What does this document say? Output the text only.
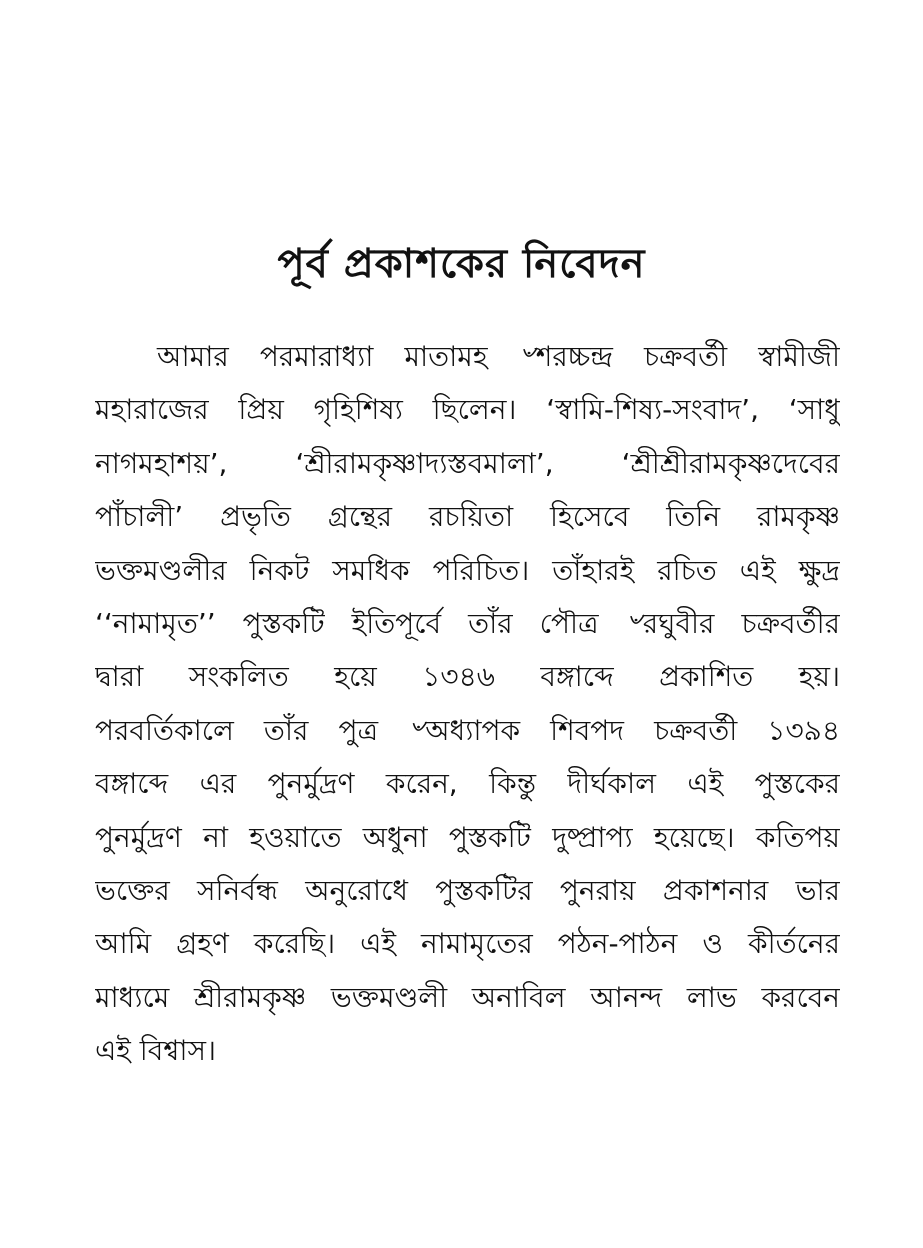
পূর্ব প্রকাশকের নিবেদন
আমার পরমারাধ্যা মাতামহ ৺শরচ্চন্দ্র চক্রবর্তী স্বামীজী
মহারাজের প্রিয় গৃহিশিষ্য ছিলেন। ‘স্বামি-শিষ্য-সংবাদ’, ‘সাধু
নাগমহাশয়’, ‘শ্রীরামকৃষ্ণাদ্যস্তবমালা’, ‘শ্রীশ্রীরামকৃষ্ণদেবের
পাঁচালী’ প্রভৃতি গ্রন্থের রচয়িতা হিসেবে তিনি রামকৃষ্ণ
ভক্তমণ্ডলীর নিকট সমধিক পরিচিত। তাঁহারই রচিত এই ক্ষুদ্র
‘‘নামামৃত’’ পুস্তকটি ইতিপূর্বে তাঁর পৌত্র ৺রঘুবীর চক্রবর্তীর
দ্বারা সংকলিত হয়ে ১৩৪৬ বঙ্গাব্দে প্রকাশিত হয়।
পরবর্তিকালে তাঁর পুত্র ৺অধ্যাপক শিবপদ চক্রবর্তী ১৩৯৪
বঙ্গাব্দে এর পুনর্মুদ্রণ করেন, কিন্তু দীর্ঘকাল এই পুস্তকের
পুনর্মুদ্রণ না হওয়াতে অধুনা পুস্তকটি দুষ্প্রাপ্য হয়েছে। কতিপয়
ভক্তের সনির্বন্ধ অনুরোধে পুস্তকটির পুনরায় প্রকাশনার ভার
আমি গ্রহণ করেছি। এই নামামৃতের পঠন-পাঠন ও কীর্তনের
মাধ্যমে শ্রীরামকৃষ্ণ ভক্তমণ্ডলী অনাবিল আনন্দ লাভ করবেন
এই বিশ্বাস।
